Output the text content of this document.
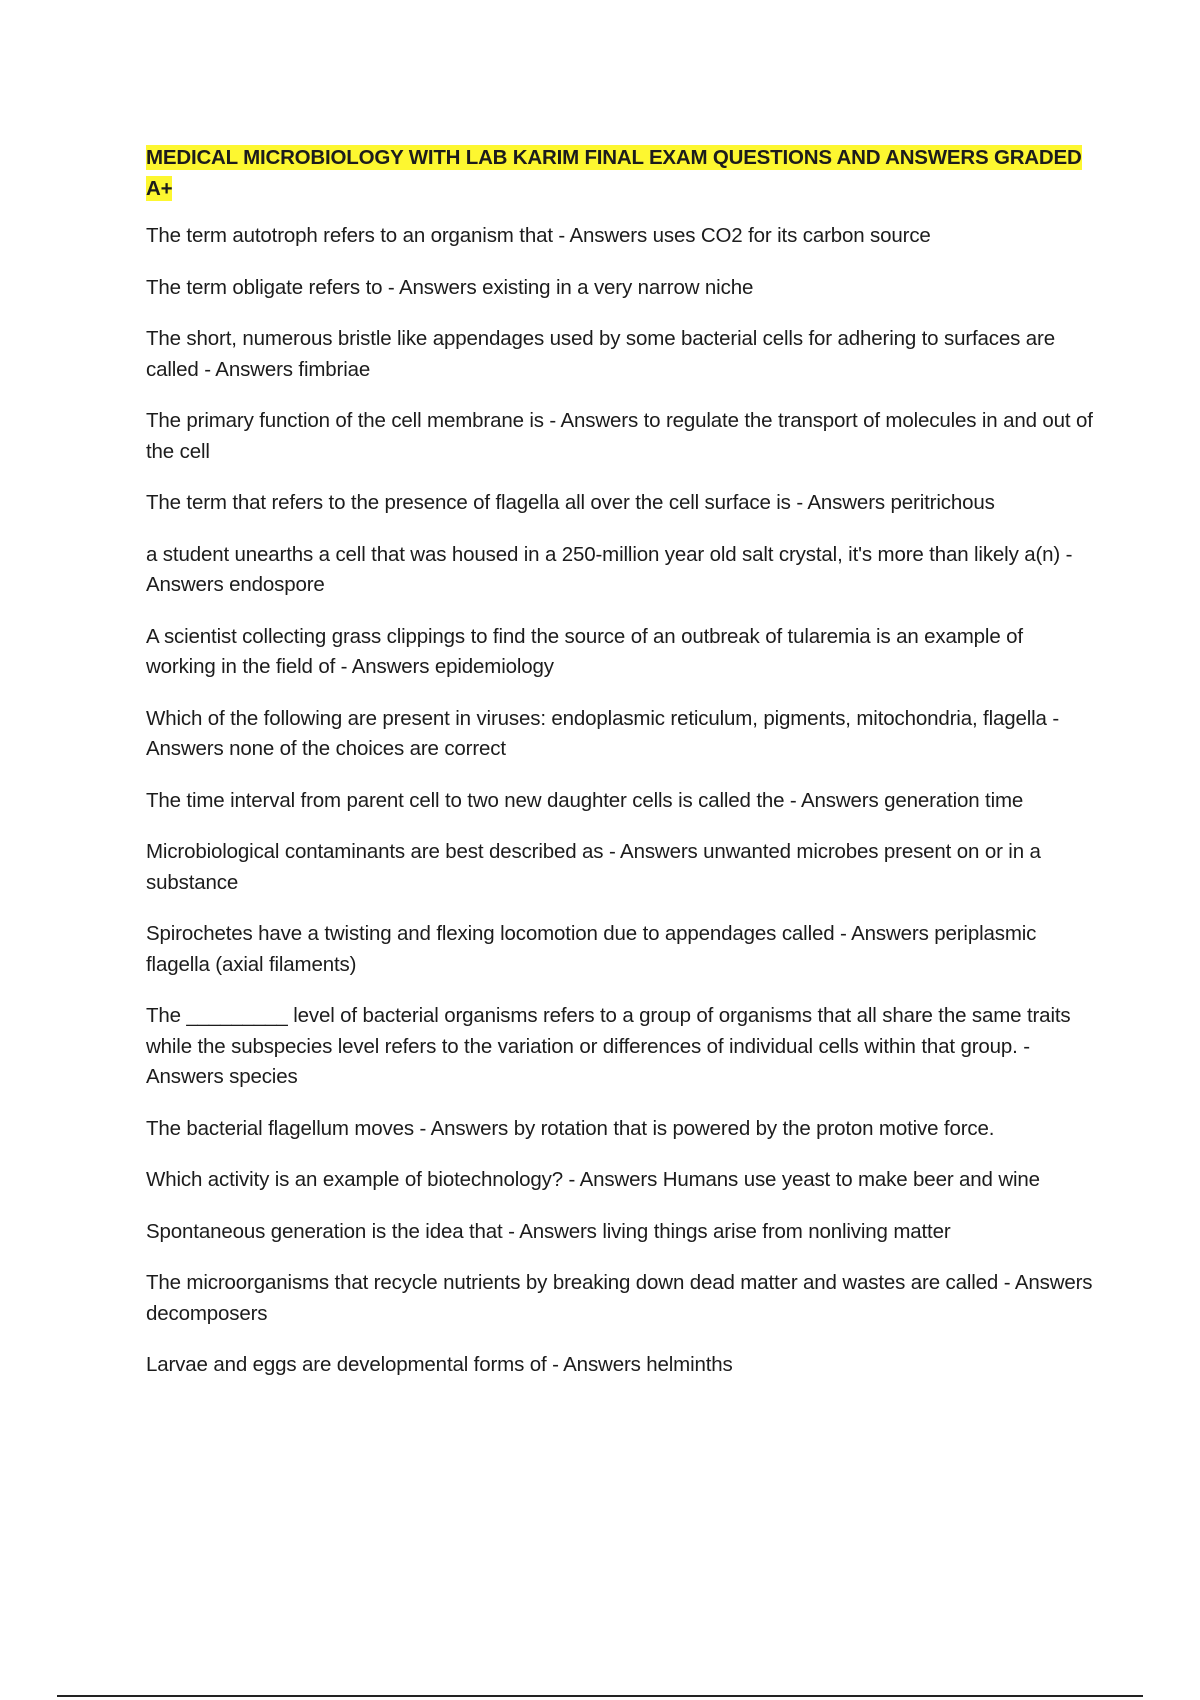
MEDICAL MICROBIOLOGY WITH LAB KARIM FINAL EXAM QUESTIONS AND ANSWERS GRADED A+

The term autotroph refers to an organism that - Answers uses CO2 for its carbon source

The term obligate refers to - Answers existing in a very narrow niche

The short, numerous bristle like appendages used by some bacterial cells for adhering to surfaces are called - Answers fimbriae

The primary function of the cell membrane is - Answers to regulate the transport of molecules in and out of the cell

The term that refers to the presence of flagella all over the cell surface is - Answers peritrichous

a student unearths a cell that was housed in a 250-million year old salt crystal, it's more than likely a(n) - Answers endospore

A scientist collecting grass clippings to find the source of an outbreak of tularemia is an example of working in the field of - Answers epidemiology

Which of the following are present in viruses: endoplasmic reticulum, pigments, mitochondria, flagella - Answers none of the choices are correct

The time interval from parent cell to two new daughter cells is called the - Answers generation time

Microbiological contaminants are best described as - Answers unwanted microbes present on or in a substance

Spirochetes have a twisting and flexing locomotion due to appendages called - Answers periplasmic flagella (axial filaments)

The _________ level of bacterial organisms refers to a group of organisms that all share the same traits while the subspecies level refers to the variation or differences of individual cells within that group. - Answers species

The bacterial flagellum moves - Answers by rotation that is powered by the proton motive force.

Which activity is an example of biotechnology? - Answers Humans use yeast to make beer and wine

Spontaneous generation is the idea that - Answers living things arise from nonliving matter

The microorganisms that recycle nutrients by breaking down dead matter and wastes are called - Answers decomposers

Larvae and eggs are developmental forms of - Answers helminths
